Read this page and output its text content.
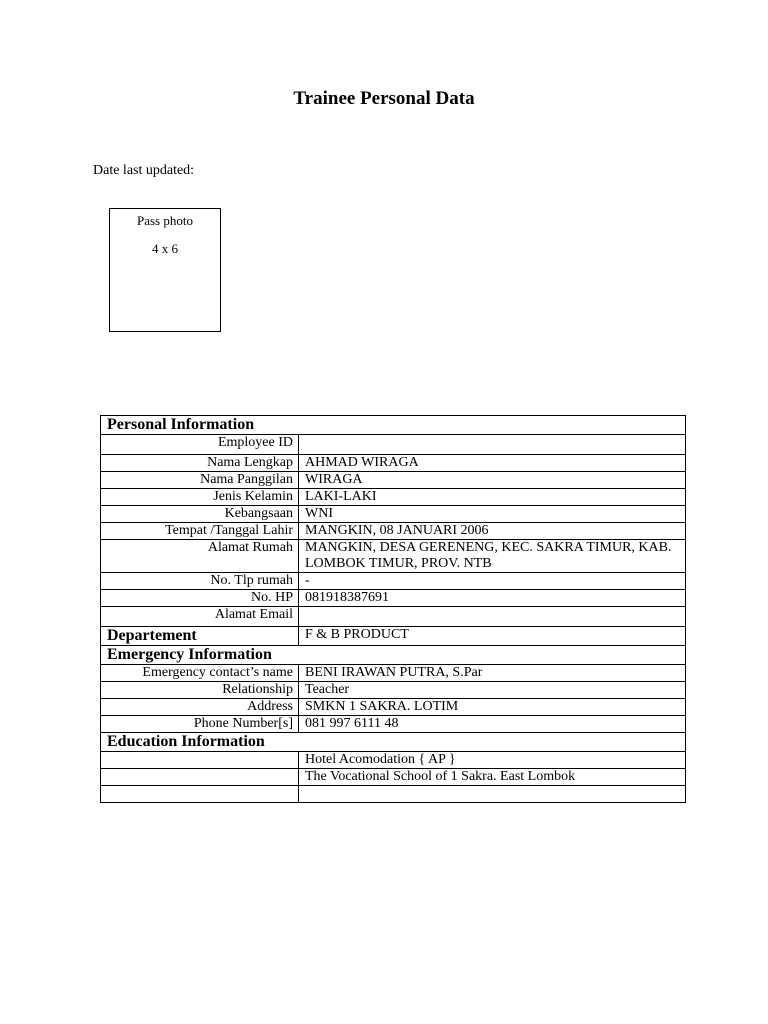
Trainee Personal Data
Date last updated:
Pass photo
4 x 6
Personal Information	
Employee ID	
Nama Lengkap	AHMAD WIRAGA
Nama Panggilan	WIRAGA
Jenis Kelamin	LAKI-LAKI
Kebangsaan	WNI
Tempat /Tanggal Lahir	MANGKIN, 08 JANUARI 2006
Alamat Rumah	MANGKIN, DESA GERENENG, KEC. SAKRA TIMUR, KAB. LOMBOK TIMUR, PROV. NTB
No. Tlp rumah	-
No. HP	081918387691
Alamat Email	
Departement	F & B PRODUCT
Emergency Information	
Emergency contact’s name	BENI IRAWAN PUTRA, S.Par
Relationship	Teacher
Address	SMKN 1 SAKRA. LOTIM
Phone Number[s]	081 997 6111 48
Education Information	
	Hotel Acomodation { AP }
	The Vocational School of 1 Sakra. East Lombok
